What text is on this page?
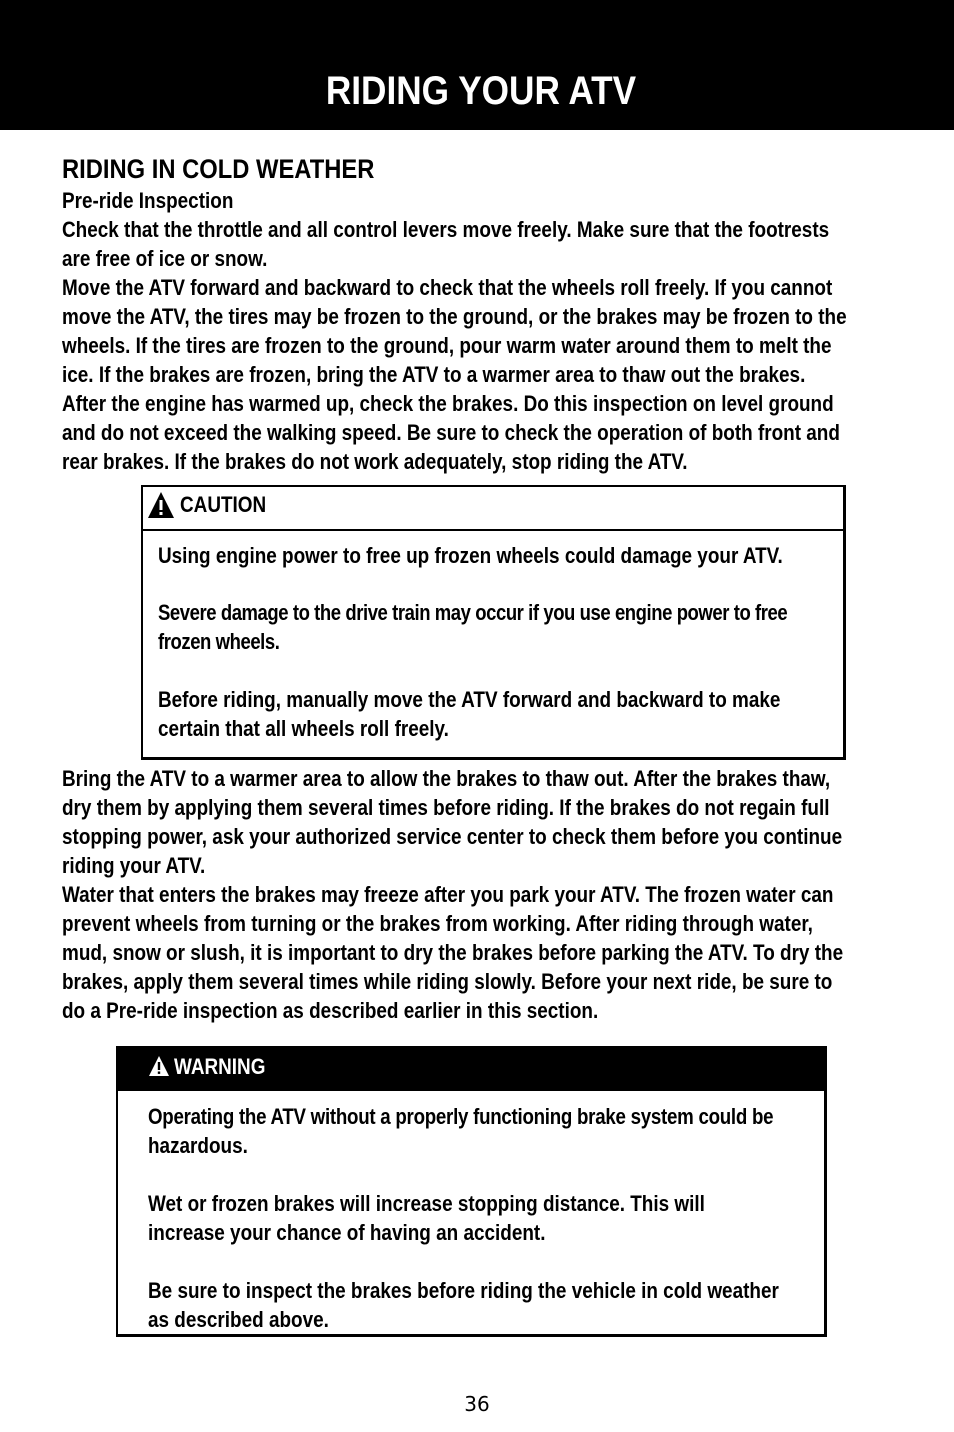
RIDING YOUR ATV
RIDING IN COLD WEATHER
Pre-ride Inspection
Check that the throttle and all control levers move freely. Make sure that the footrests
are free of ice or snow.
Move the ATV forward and backward to check that the wheels roll freely. If you cannot
move the ATV, the tires may be frozen to the ground, or the brakes may be frozen to the
wheels. If the tires are frozen to the ground, pour warm water around them to melt the
ice. If the brakes are frozen, bring the ATV to a warmer area to thaw out the brakes.
After the engine has warmed up, check the brakes. Do this inspection on level ground
and do not exceed the walking speed. Be sure to check the operation of both front and
rear brakes. If the brakes do not work adequately, stop riding the ATV.
CAUTION
Using engine power to free up frozen wheels could damage your ATV.
Severe damage to the drive train may occur if you use engine power to free
frozen wheels.
Before riding, manually move the ATV forward and backward to make
certain that all wheels roll freely.
Bring the ATV to a warmer area to allow the brakes to thaw out. After the brakes thaw,
dry them by applying them several times before riding. If the brakes do not regain full
stopping power, ask your authorized service center to check them before you continue
riding your ATV.
Water that enters the brakes may freeze after you park your ATV. The frozen water can
prevent wheels from turning or the brakes from working. After riding through water,
mud, snow or slush, it is important to dry the brakes before parking the ATV. To dry the
brakes, apply them several times while riding slowly. Before your next ride, be sure to
do a Pre-ride inspection as described earlier in this section.
WARNING
Operating the ATV without a properly functioning brake system could be
hazardous.
Wet or frozen brakes will increase stopping distance. This will
increase your chance of having an accident.
Be sure to inspect the brakes before riding the vehicle in cold weather
as described above.
36
